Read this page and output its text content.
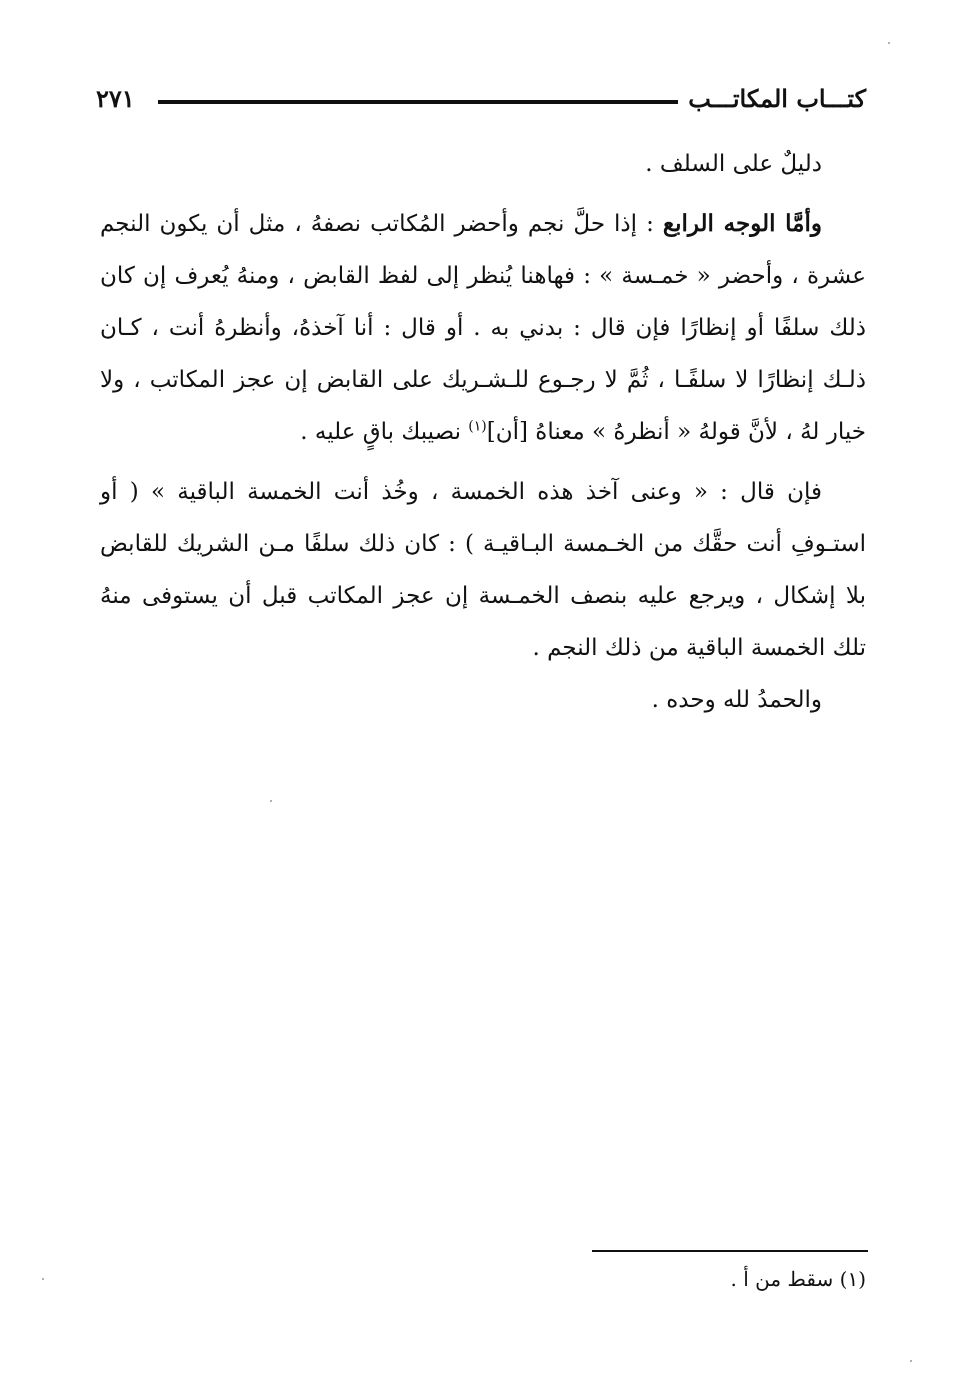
كتـــاب المكاتـــب
٢٧١

دليلٌ على السلف .

وأمَّا الوجه الرابع : إذا حلَّ نجم وأحضر المُكاتب نصفهُ ، مثل أن يكون النجم عشرة ، وأحضر « خمـسة » : فهاهنا يُنظر إلى لفظ القابض ، ومنهُ يُعرف إن كان ذلك سلفًا أو إنظارًا فإن قال : بدني به . أو قال : أنا آخذهُ، وأنظرهُ أنت ، كـان ذلـك إنظارًا لا سلفًـا ، ثُمَّ لا رجـوع للـشـريك على القابض إن عجز المكاتب ، ولا خيار لهُ ، لأنَّ قولهُ « أنظرهُ » معناهُ [أن]$^{(١)}$ نصيبك باقٍ عليه .

فإن قال : « وعنى آخذ هذه الخمسة ، وخُذ أنت الخمسة الباقية » ( أو استـوفِ أنت حقَّك من الخـمسة البـاقيـة ) : كان ذلك سلفًا مـن الشريك للقابض بلا إشكال ، ويرجع عليه بنصف الخمـسة إن عجز المكاتب قبل أن يستوفى منهُ تلك الخمسة الباقية من ذلك النجم .

والحمدُ لله وحده .

(١) سقط من أ .
